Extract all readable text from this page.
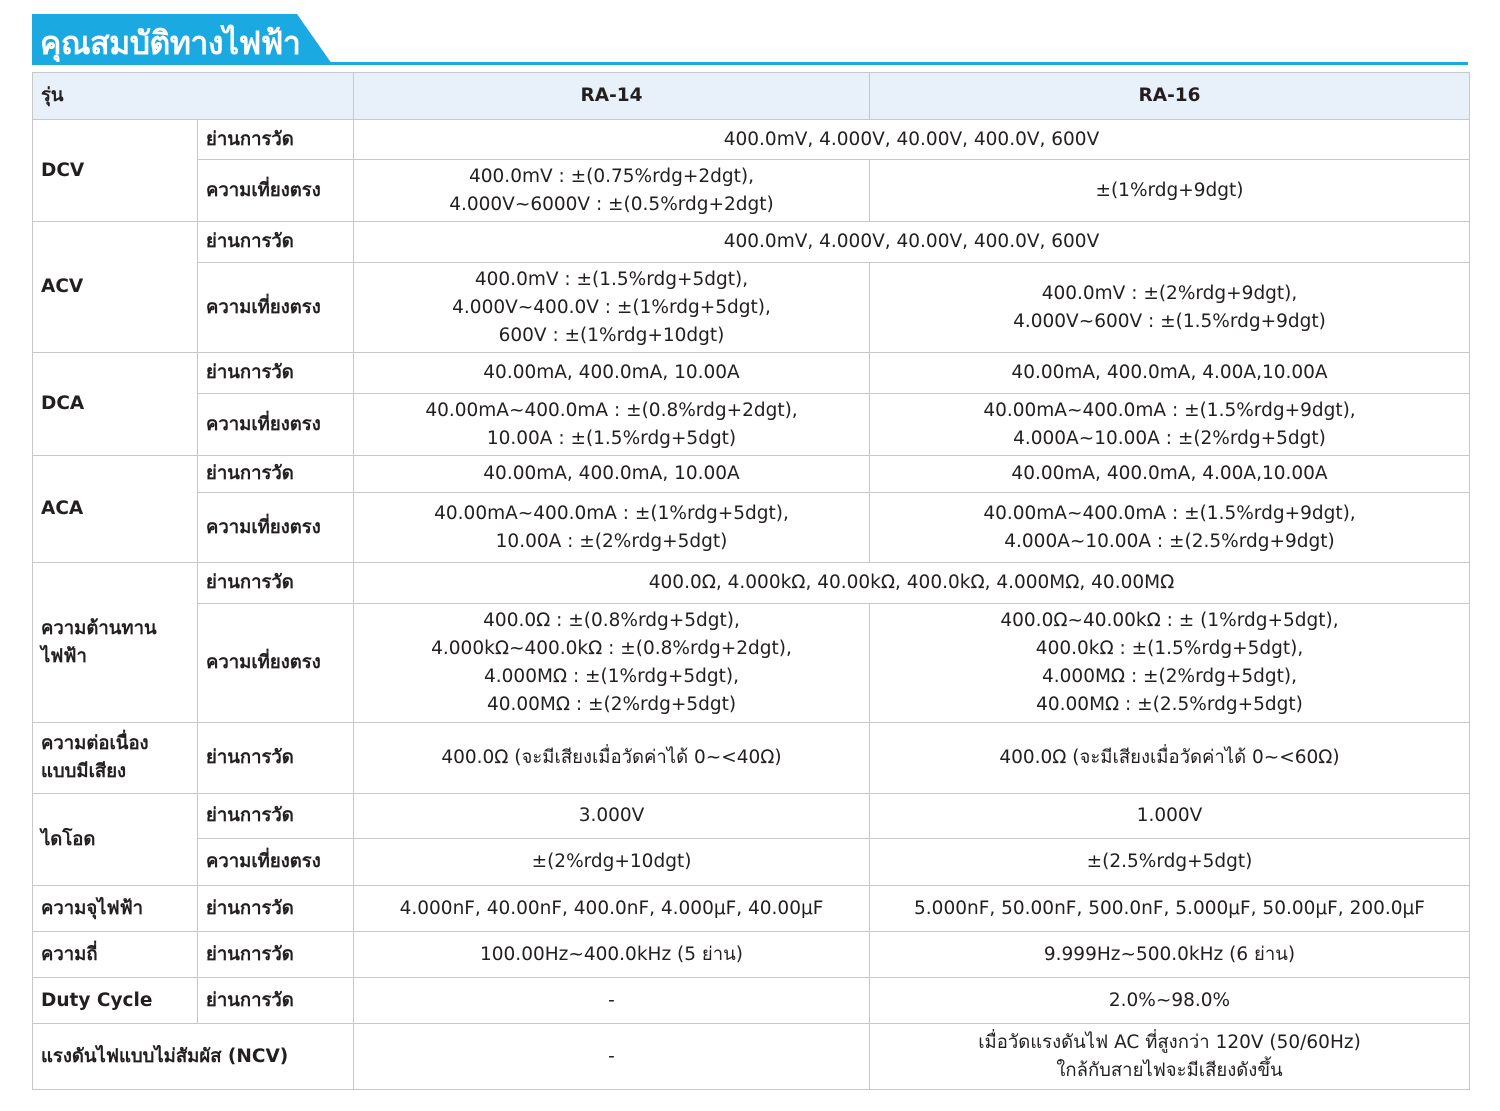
คุณสมบัติทางไฟฟ้า
รุ่น		RA-14	RA-16
DCV	ย่านการวัด	400.0mV, 4.000V, 40.00V, 400.0V, 600V	
	ความเที่ยงตรง	400.0mV : ±(0.75%rdg+2dgt),
4.000V~6000V : ±(0.5%rdg+2dgt)	±(1%rdg+9dgt)

ACV	ย่านการวัด	400.0mV, 4.000V, 40.00V, 400.0V, 600V	
	ความเที่ยงตรง	400.0mV : ±(1.5%rdg+5dgt),
4.000V~400.0V : ±(1%rdg+5dgt),
600V : ±(1%rdg+10dgt)	400.0mV : ±(2%rdg+9dgt),
4.000V~600V : ±(1.5%rdg+9dgt)

DCA	ย่านการวัด	40.00mA, 400.0mA, 10.00A	40.00mA, 400.0mA, 4.00A,10.00A
	ความเที่ยงตรง	40.00mA~400.0mA : ±(0.8%rdg+2dgt),
10.00A : ±(1.5%rdg+5dgt)	40.00mA~400.0mA : ±(1.5%rdg+9dgt),
4.000A~10.00A : ±(2%rdg+5dgt)

ACA	ย่านการวัด	40.00mA, 400.0mA, 10.00A	40.00mA, 400.0mA, 4.00A,10.00A
	ความเที่ยงตรง	40.00mA~400.0mA : ±(1%rdg+5dgt),
10.00A : ±(2%rdg+5dgt)	40.00mA~400.0mA : ±(1.5%rdg+9dgt),
4.000A~10.00A : ±(2.5%rdg+9dgt)

ความต้านทาน
ไฟฟ้า	ย่านการวัด	400.0Ω, 4.000kΩ, 40.00kΩ, 400.0kΩ, 4.000MΩ, 40.00MΩ	
	ความเที่ยงตรง	400.0Ω : ±(0.8%rdg+5dgt),
4.000kΩ~400.0kΩ : ±(0.8%rdg+2dgt),
4.000MΩ : ±(1%rdg+5dgt),
40.00MΩ : ±(2%rdg+5dgt)	400.0Ω~40.00kΩ : ± (1%rdg+5dgt),
400.0kΩ : ±(1.5%rdg+5dgt),
4.000MΩ : ±(2%rdg+5dgt),
40.00MΩ : ±(2.5%rdg+5dgt)

ความต่อเนื่อง
แบบมีเสียง	ย่านการวัด	400.0Ω (จะมีเสียงเมื่อวัดค่าได้ 0~<40Ω)	400.0Ω (จะมีเสียงเมื่อวัดค่าได้ 0~<60Ω)
ไดโอด	ย่านการวัด	3.000V	1.000V
	ความเที่ยงตรง	±(2%rdg+10dgt)	±(2.5%rdg+5dgt)
ความจุไฟฟ้า	ย่านการวัด	4.000nF, 40.00nF, 400.0nF, 4.000μF, 40.00μF	5.000nF, 50.00nF, 500.0nF, 5.000μF, 50.00μF, 200.0μF
ความถี่	ย่านการวัด	100.00Hz~400.0kHz (5 ย่าน)	9.999Hz~500.0kHz (6 ย่าน)
Duty Cycle	ย่านการวัด	-	2.0%~98.0%
แรงดันไฟแบบไม่สัมผัส (NCV)		-	เมื่อวัดแรงดันไฟ AC ที่สูงกว่า 120V (50/60Hz)
ใกล้กับสายไฟจะมีเสียงดังขึ้น
